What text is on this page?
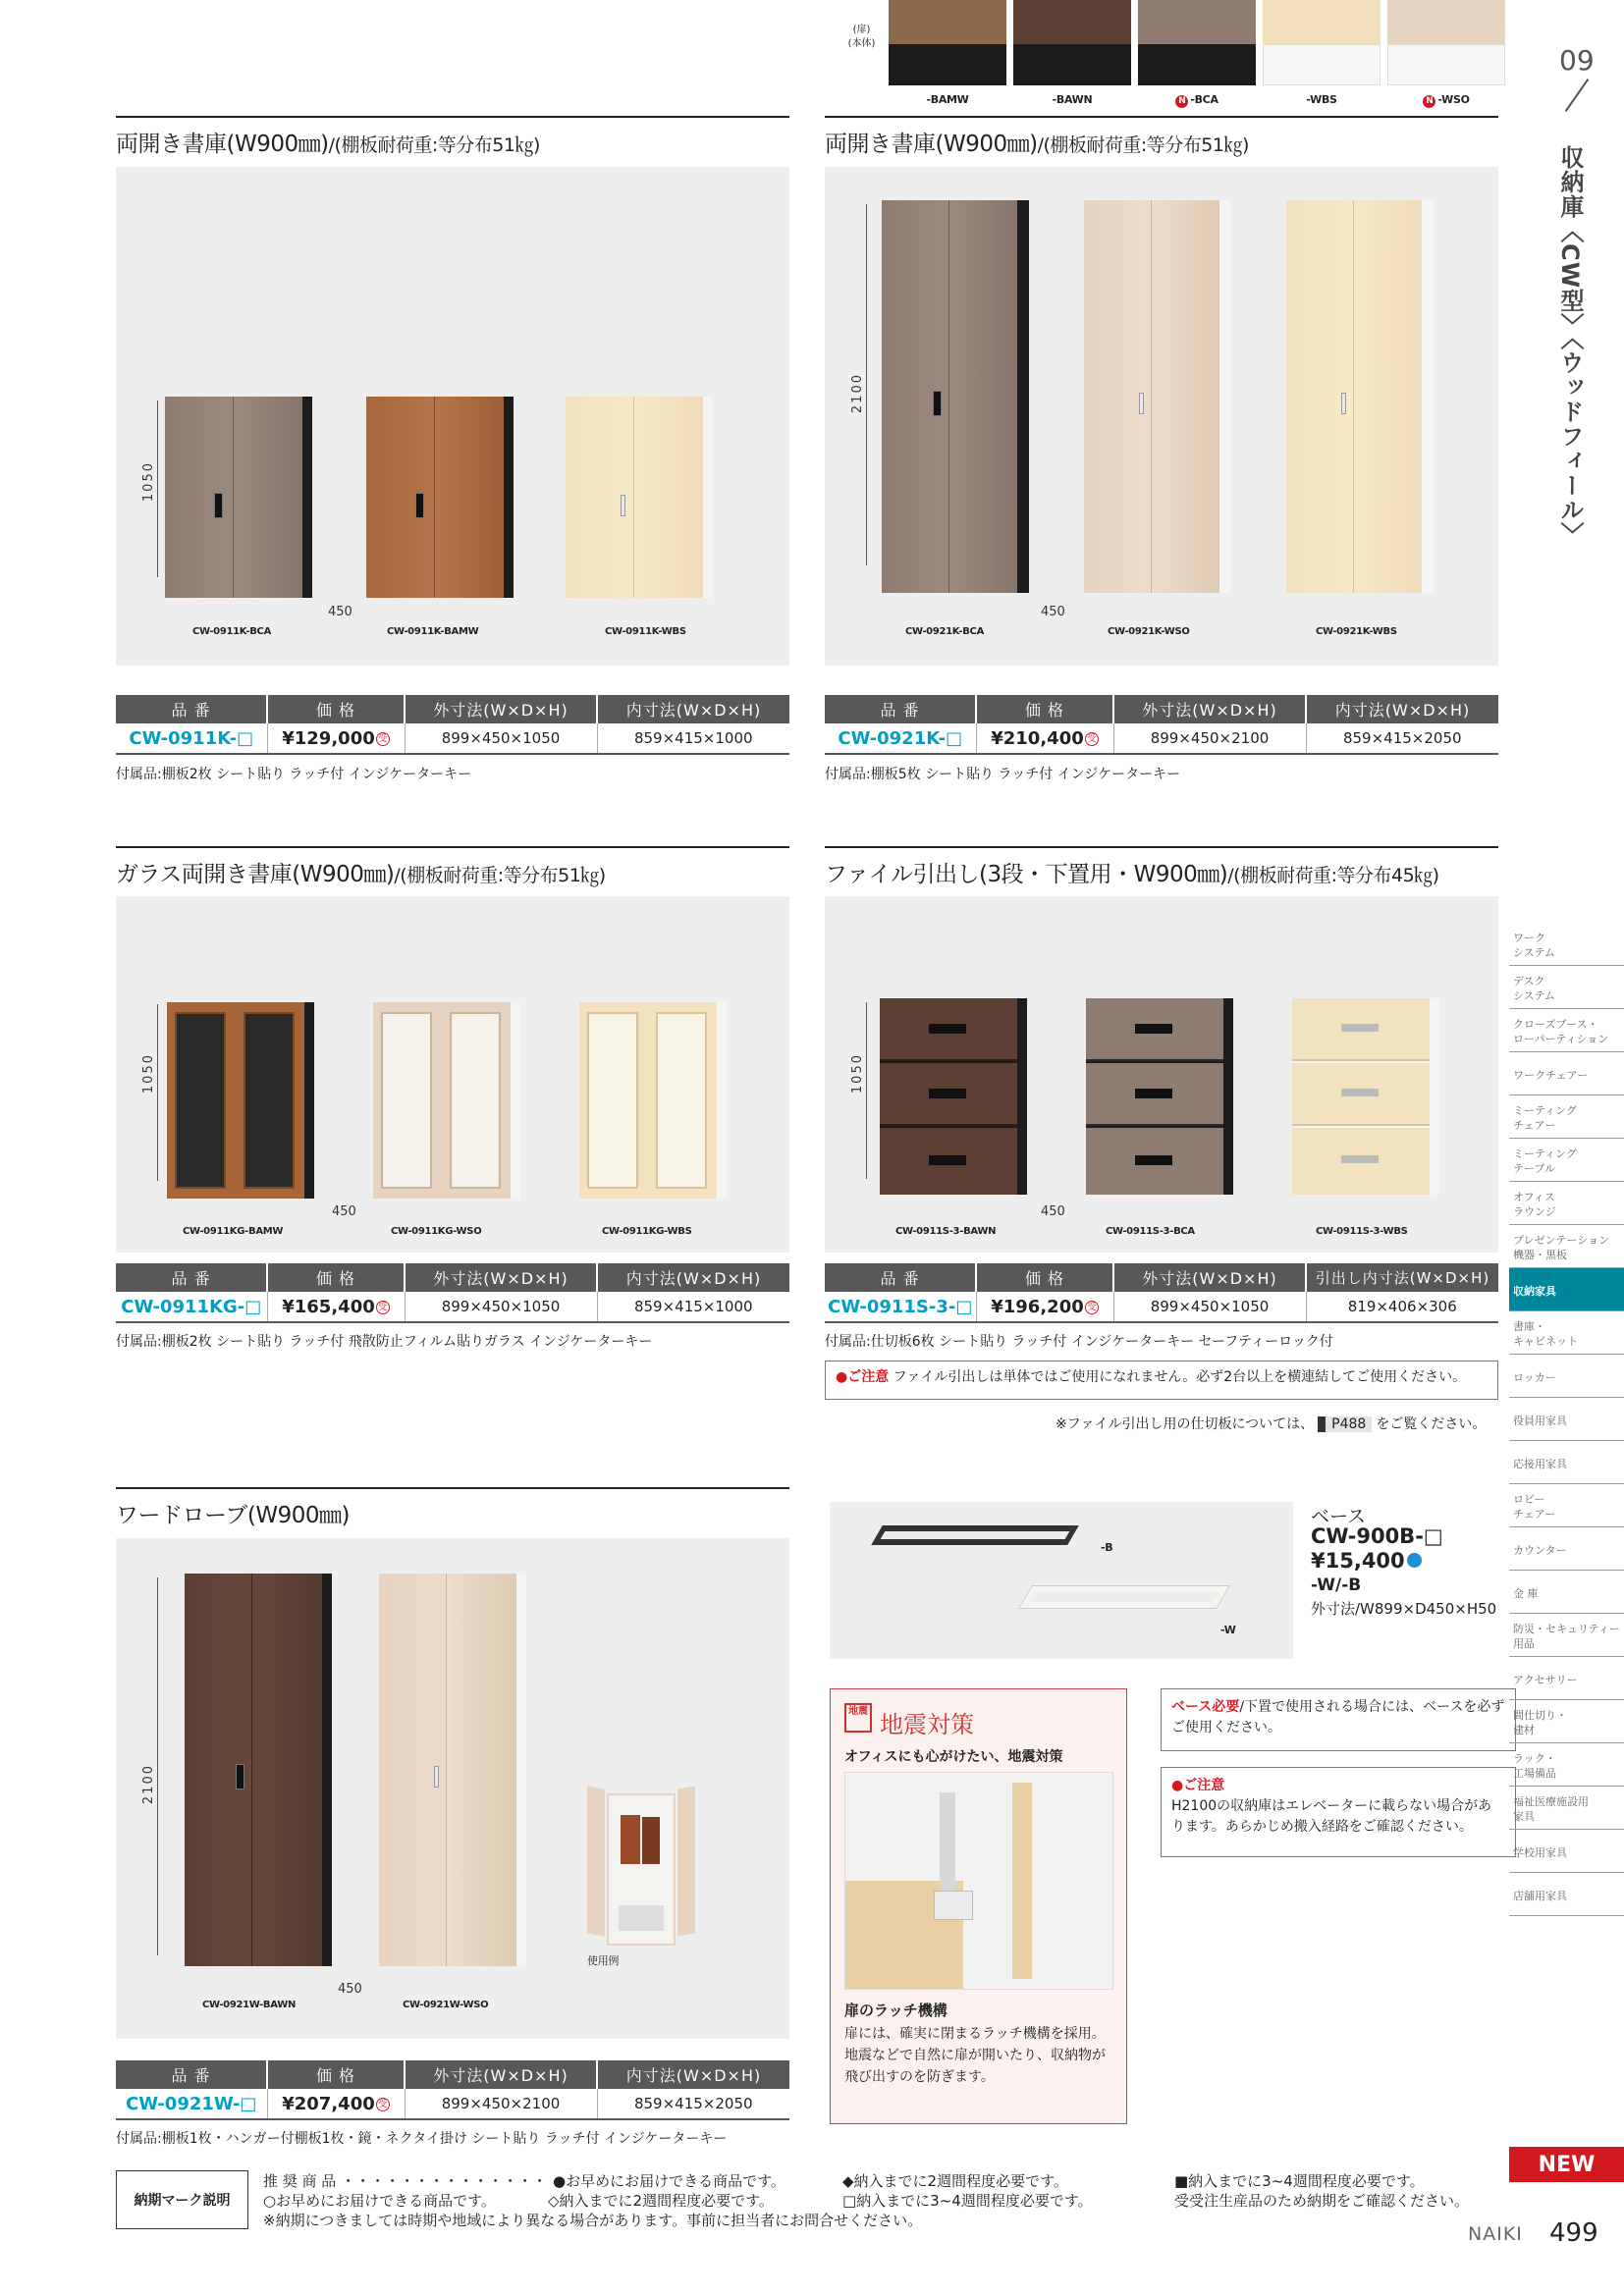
(扉)
(本体)
-BAMW	-BAWN	N -BCA	-WBS	N -WSO
09
収納庫〈CW型〉〈ウッドフィール〉
両開き書庫(W900㎜)/(棚板耐荷重:等分布51㎏)
1050
450
CW-0911K-BCA	CW-0911K-BAMW	CW-0911K-WBS
品 番	価 格	外寸法(W×D×H)	内寸法(W×D×H)
CW-0911K-□	¥129,000 受	899×450×1050	859×415×1000
付属品:棚板2枚 シート貼り ラッチ付 インジケーターキー
両開き書庫(W900㎜)/(棚板耐荷重:等分布51㎏)
2100
450
CW-0921K-BCA	CW-0921K-WSO	CW-0921K-WBS
品 番	価 格	外寸法(W×D×H)	内寸法(W×D×H)
CW-0921K-□	¥210,400 受	899×450×2100	859×415×2050
付属品:棚板5枚 シート貼り ラッチ付 インジケーターキー
ガラス両開き書庫(W900㎜)/(棚板耐荷重:等分布51㎏)
1050
450
CW-0911KG-BAMW	CW-0911KG-WSO	CW-0911KG-WBS
品 番	価 格	外寸法(W×D×H)	内寸法(W×D×H)
CW-0911KG-□	¥165,400 受	899×450×1050	859×415×1000
付属品:棚板2枚 シート貼り ラッチ付 飛散防止フィルム貼りガラス インジケーターキー
ファイル引出し(3段・下置用・W900㎜)/(棚板耐荷重:等分布45㎏)
1050
450
CW-0911S-3-BAWN	CW-0911S-3-BCA	CW-0911S-3-WBS
品 番	価 格	外寸法(W×D×H)	引出し内寸法(W×D×H)
CW-0911S-3-□	¥196,200 受	899×450×1050	819×406×306
付属品:仕切板6枚 シート貼り ラッチ付 インジケーターキー セーフティーロック付
●ご注意 ファイル引出しは単体ではご使用になれません。必ず2台以上を横連結してご使用ください。
※ファイル引出し用の仕切板については、 P488 をご覧ください。
ワードローブ(W900㎜)
2100
450
使用例
CW-0921W-BAWN	CW-0921W-WSO
品 番	価 格	外寸法(W×D×H)	内寸法(W×D×H)
CW-0921W-□	¥207,400 受	899×450×2100	859×415×2050
付属品:棚板1枚・ハンガー付棚板1枚・鏡・ネクタイ掛け シート貼り ラッチ付 インジケーターキー
-B
-W
ベース
CW-900B-□
¥15,400
-W/-B
外寸法/W899×D450×H50
地震 地震対策
オフィスにも心がけたい、地震対策
扉のラッチ機構
扉には、確実に閉まるラッチ機構を採用。地震などで自然に扉が開いたり、収納物が飛び出すのを防ぎます。
ベース必要/下置で使用される場合には、ベースを必ずご使用ください。
●ご注意
H2100の収納庫はエレベーターに載らない場合があります。あらかじめ搬入経路をご確認ください。
ワーク
システム
デスク
システム
クローズブース・
ローパーティション
ワークチェアー
ミーティング
チェアー
ミーティング
テーブル
オフィス
ラウンジ
プレゼンテーション
機器・黒板
収納家具
書庫・
キャビネット
ロッカー
役員用家具
応接用家具
ロビー
チェアー
カウンター
金 庫
防災・セキュリティー
用品
アクセサリー
間仕切り・
建材
ラック・
工場備品
福祉医療施設用
家具
学校用家具
店舗用家具
納期マーク説明
推 奨 商 品 ・・・・・・・・・・・・・・ ●お早めにお届けできる商品です。	◆納入までに2週間程度必要です。	■納入までに3~4週間程度必要です。
○お早めにお届けできる商品です。	◇納入までに2週間程度必要です。	□納入までに3~4週間程度必要です。	受受注生産品のため納期をご確認ください。
※納期につきましては時期や地域により異なる場合があります。事前に担当者にお問合せください。
NEW
NAIKI 499
